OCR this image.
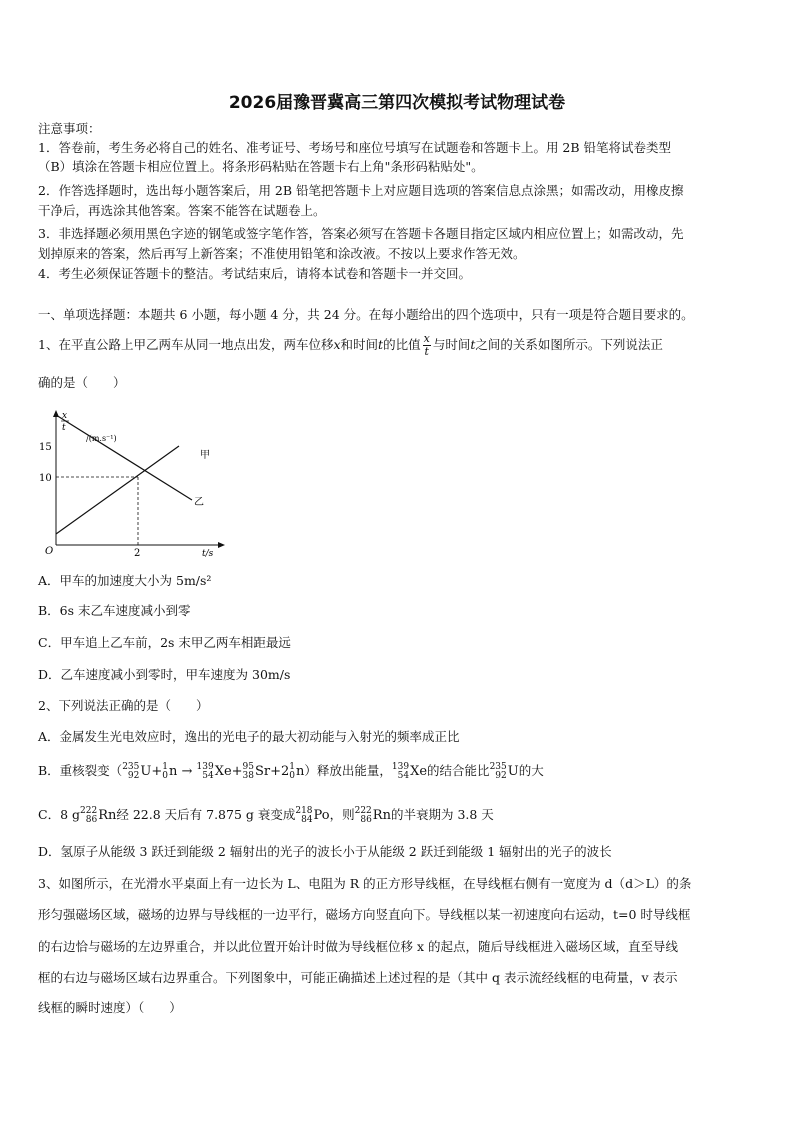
2026届豫晋冀高三第四次模拟考试物理试卷
注意事项：
1．答卷前，考生务必将自己的姓名、准考证号、考场号和座位号填写在试题卷和答题卡上。用 2B 铅笔将试卷类型
（B）填涂在答题卡相应位置上。将条形码粘贴在答题卡右上角"条形码粘贴处"。
2．作答选择题时，选出每小题答案后，用 2B 铅笔把答题卡上对应题目选项的答案信息点涂黑；如需改动，用橡皮擦
干净后，再选涂其他答案。答案不能答在试题卷上。
3．非选择题必须用黑色字迹的钢笔或签字笔作答，答案必须写在答题卡各题目指定区域内相应位置上；如需改动，先
划掉原来的答案，然后再写上新答案；不准使用铅笔和涂改液。不按以上要求作答无效。
4．考生必须保证答题卡的整洁。考试结束后，请将本试卷和答题卡一并交回。
一、单项选择题：本题共 6 小题，每小题 4 分，共 24 分。在每小题给出的四个选项中，只有一项是符合题目要求的。
1、在平直公路上甲乙两车从同一地点出发，两车位移x和时间t的比值 $\frac{x}{t}$ 与时间t之间的关系如图所示。下列说法正
确的是（　　）
x
t
/(m.s⁻¹)
15
10
2
O	t/s
甲
乙
A．甲车的加速度大小为 5m/s²
B．6s 末乙车速度减小到零
C．甲车追上乙车前，2s 末甲乙两车相距最远
D．乙车速度减小到零时，甲车速度为 30m/s
2、下列说法正确的是（　　）
A．金属发生光电效应时，逸出的光电子的最大初动能与入射光的频率成正比
B．重核裂变（ 235
92 U+ 1
0 n → 139
54 Xe+ 95
38 Sr+2 1
0 n）释放出能量， 139
54 Xe的结合能比 235
92 U的大
C．8 g 222
86 Rn经 22.8 天后有 7.875 g 衰变成 218
84 Po，则 222
86 Rn的半衰期为 3.8 天
D．氢原子从能级 3 跃迁到能级 2 辐射出的光子的波长小于从能级 2 跃迁到能级 1 辐射出的光子的波长
3、如图所示，在光滑水平桌面上有一边长为 L、电阻为 R 的正方形导线框，在导线框右侧有一宽度为 d（d＞L）的条
形匀强磁场区域，磁场的边界与导线框的一边平行，磁场方向竖直向下。导线框以某一初速度向右运动，t=0 时导线框
的右边恰与磁场的左边界重合，并以此位置开始计时做为导线框位移 x 的起点，随后导线框进入磁场区域，直至导线
框的右边与磁场区域右边界重合。下列图象中，可能正确描述上述过程的是（其中 q 表示流经线框的电荷量，v 表示
线框的瞬时速度）（　　）
